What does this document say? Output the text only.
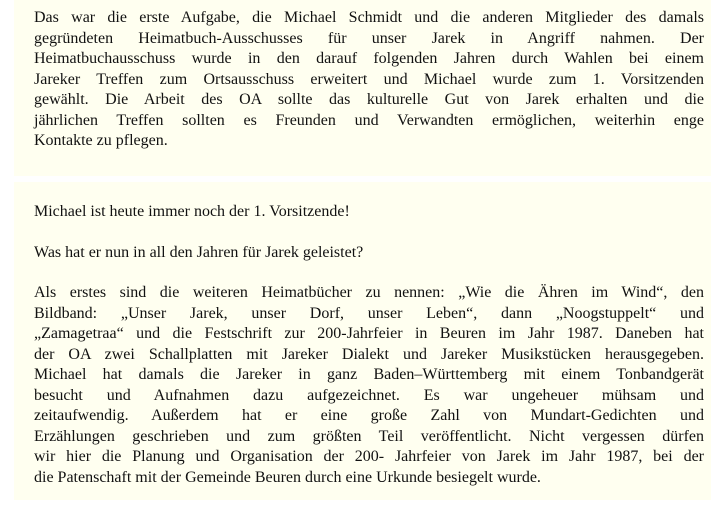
Das war die erste Aufgabe, die Michael Schmidt und die anderen Mitglieder des damals
gegründeten Heimatbuch-Ausschusses für unser Jarek in Angriff nahmen. Der
Heimatbuchausschuss wurde in den darauf folgenden Jahren durch Wahlen bei einem
Jareker Treffen zum Ortsausschuss erweitert und Michael wurde zum 1. Vorsitzenden
gewählt. Die Arbeit des OA sollte das kulturelle Gut von Jarek erhalten und die
jährlichen Treffen sollten es Freunden und Verwandten ermöglichen, weiterhin enge
Kontakte zu pflegen.

Michael ist heute immer noch der 1. Vorsitzende!

Was hat er nun in all den Jahren für Jarek geleistet?

Als erstes sind die weiteren Heimatbücher zu nennen: „Wie die Ähren im Wind“, den
Bildband: „Unser Jarek, unser Dorf, unser Leben“, dann „Noogstuppelt“ und
„Zamagetraa“ und die Festschrift zur 200-Jahrfeier in Beuren im Jahr 1987. Daneben hat
der OA zwei Schallplatten mit Jareker Dialekt und Jareker Musikstücken herausgegeben.
Michael hat damals die Jareker in ganz Baden–Württemberg mit einem Tonbandgerät
besucht und Aufnahmen dazu aufgezeichnet. Es war ungeheuer mühsam und
zeitaufwendig. Außerdem hat er eine große Zahl von Mundart-Gedichten und
Erzählungen geschrieben und zum größten Teil veröffentlicht. Nicht vergessen dürfen
wir hier die Planung und Organisation der 200- Jahrfeier von Jarek im Jahr 1987, bei der
die Patenschaft mit der Gemeinde Beuren durch eine Urkunde besiegelt wurde.
